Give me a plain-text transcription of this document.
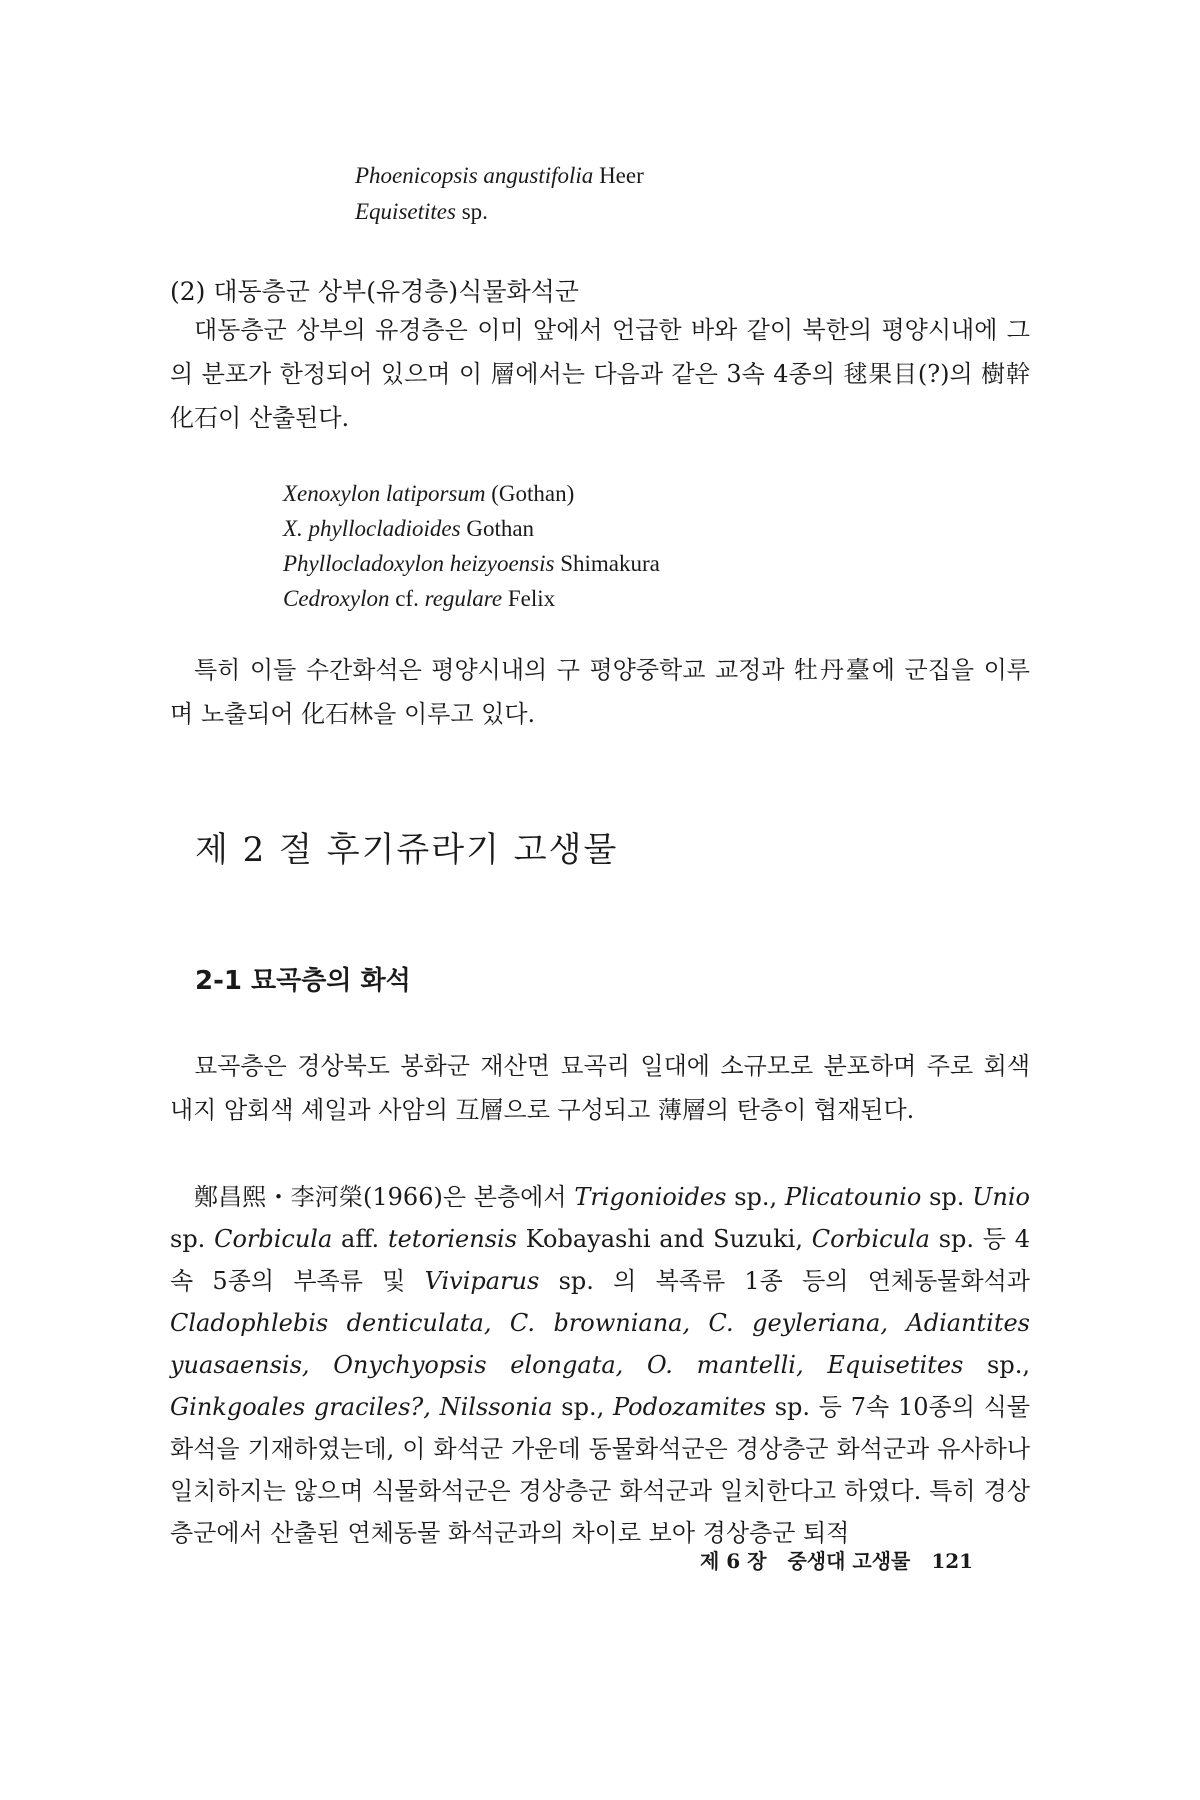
Phoenicopsis angustifolia Heer
Equisetites sp.
(2) 대동층군 상부(유경층)식물화석군

대동층군 상부의 유경층은 이미 앞에서 언급한 바와 같이 북한의 평양시내에 그의 분포가 한정되어 있으며 이 層에서는 다음과 같은 3속 4종의 毬果目(?)의 樹幹化石이 산출된다.

Xenoxylon latiporsum (Gothan)
X. phyllocladioides Gothan
Phyllocladoxylon heizyoensis Shimakura
Cedroxylon cf. regulare Felix

특히 이들 수간화석은 평양시내의 구 평양중학교 교정과 牡丹臺에 군집을 이루며 노출되어 化石林을 이루고 있다.

제 2 절 후기쥬라기 고생물
2-1 묘곡층의 화석

묘곡층은 경상북도 봉화군 재산면 묘곡리 일대에 소규모로 분포하며 주로 회색 내지 암회색 셰일과 사암의 互層으로 구성되고 薄層의 탄층이 협재된다.

鄭昌熙・李河榮(1966)은 본층에서 Trigonioides sp., Plicatounio sp. Unio sp. Corbicula aff. tetoriensis Kobayashi and Suzuki, Corbicula sp. 등 4속 5종의 부족류 및 Viviparus sp. 의 복족류 1종 등의 연체동물화석과 Cladophlebis denticulata, C. browniana, C. geyleriana, Adiantites yuasaensis, Onychyopsis elongata, O. mantelli, Equisetites sp., Ginkgoales graciles?, Nilssonia sp., Podozamites sp. 등 7속 10종의 식물화석을 기재하였는데, 이 화석군 가운데 동물화석군은 경상층군 화석군과 유사하나 일치하지는 않으며 식물화석군은 경상층군 화석군과 일치한다고 하였다. 특히 경상층군에서 산출된 연체동물 화석군과의 차이로 보아 경상층군 퇴적

제 6 장 중생대 고생물 121
